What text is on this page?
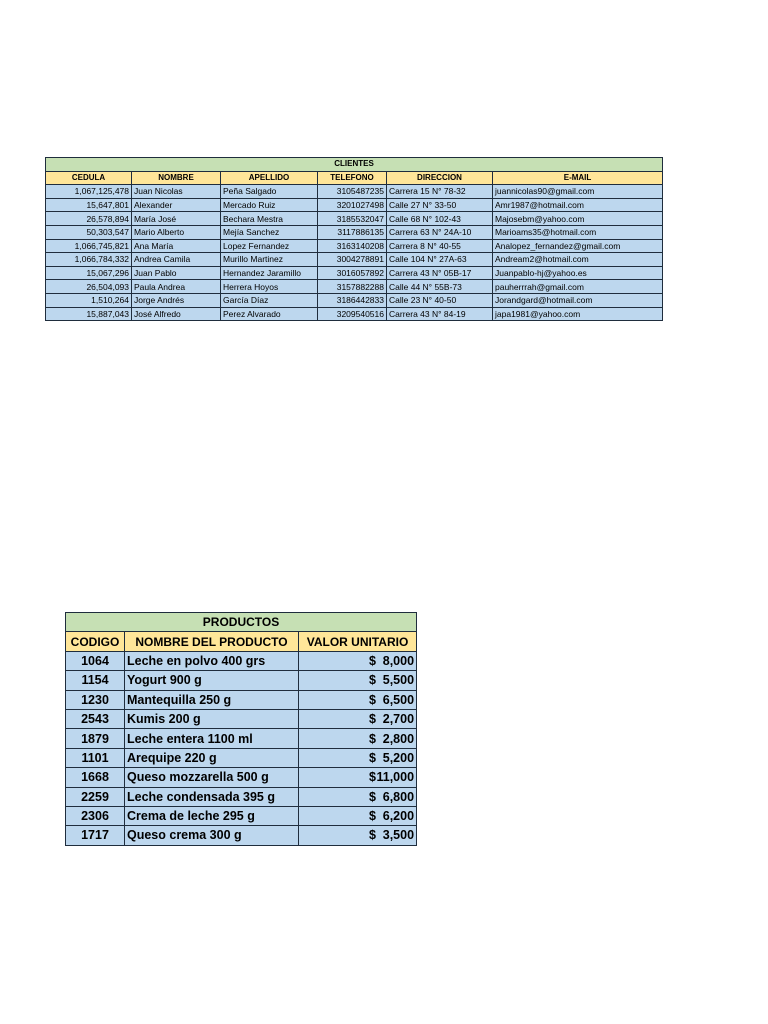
CLIENTES					
CEDULA	NOMBRE	APELLIDO	TELEFONO	DIRECCION	E-MAIL
1,067,125,478	Juan Nicolas	Peña Salgado	3105487235	Carrera 15 N° 78-32	juannicolas90@gmail.com
15,647,801	Alexander	Mercado Ruiz	3201027498	Calle 27 N° 33-50	Amr1987@hotmail.com
26,578,894	María José	Bechara Mestra	3185532047	Calle 68 N° 102-43	Majosebm@yahoo.com
50,303,547	Mario Alberto	Mejía Sanchez	3117886135	Carrera 63 N° 24A-10	Marioams35@hotmail.com
1,066,745,821	Ana María	Lopez Fernandez	3163140208	Carrera 8 N° 40-55	Analopez_fernandez@gmail.com
1,066,784,332	Andrea Camila	Murillo Martinez	3004278891	Calle 104 N° 27A-63	Andream2@hotmail.com
15,067,296	Juan Pablo	Hernandez Jaramillo	3016057892	Carrera 43 N° 05B-17	Juanpablo-hj@yahoo.es
26,504,093	Paula Andrea	Herrera Hoyos	3157882288	Calle 44 N° 55B-73	pauherrrah@gmail.com
1,510,264	Jorge Andrés	García Díaz	3186442833	Calle 23 N° 40-50	Jorandgard@hotmail.com
15,887,043	José Alfredo	Perez Alvarado	3209540516	Carrera 43 N° 84-19	japa1981@yahoo.com
PRODUCTOS		
CODIGO	NOMBRE DEL PRODUCTO	VALOR UNITARIO
1064	Leche en polvo 400 grs	$ 8,000

1154	Yogurt 900 g	$ 5,500

1230	Mantequilla 250 g	$ 6,500

2543	Kumis 200 g	$ 2,700

1879	Leche entera 1100 ml	$ 2,800

1101	Arequipe 220 g	$ 5,200

1668	Queso mozzarella 500 g	$ 11,000

2259	Leche condensada 395 g	$ 6,800

2306	Crema de leche 295 g	$ 6,200

1717	Queso crema 300 g	$ 3,500
